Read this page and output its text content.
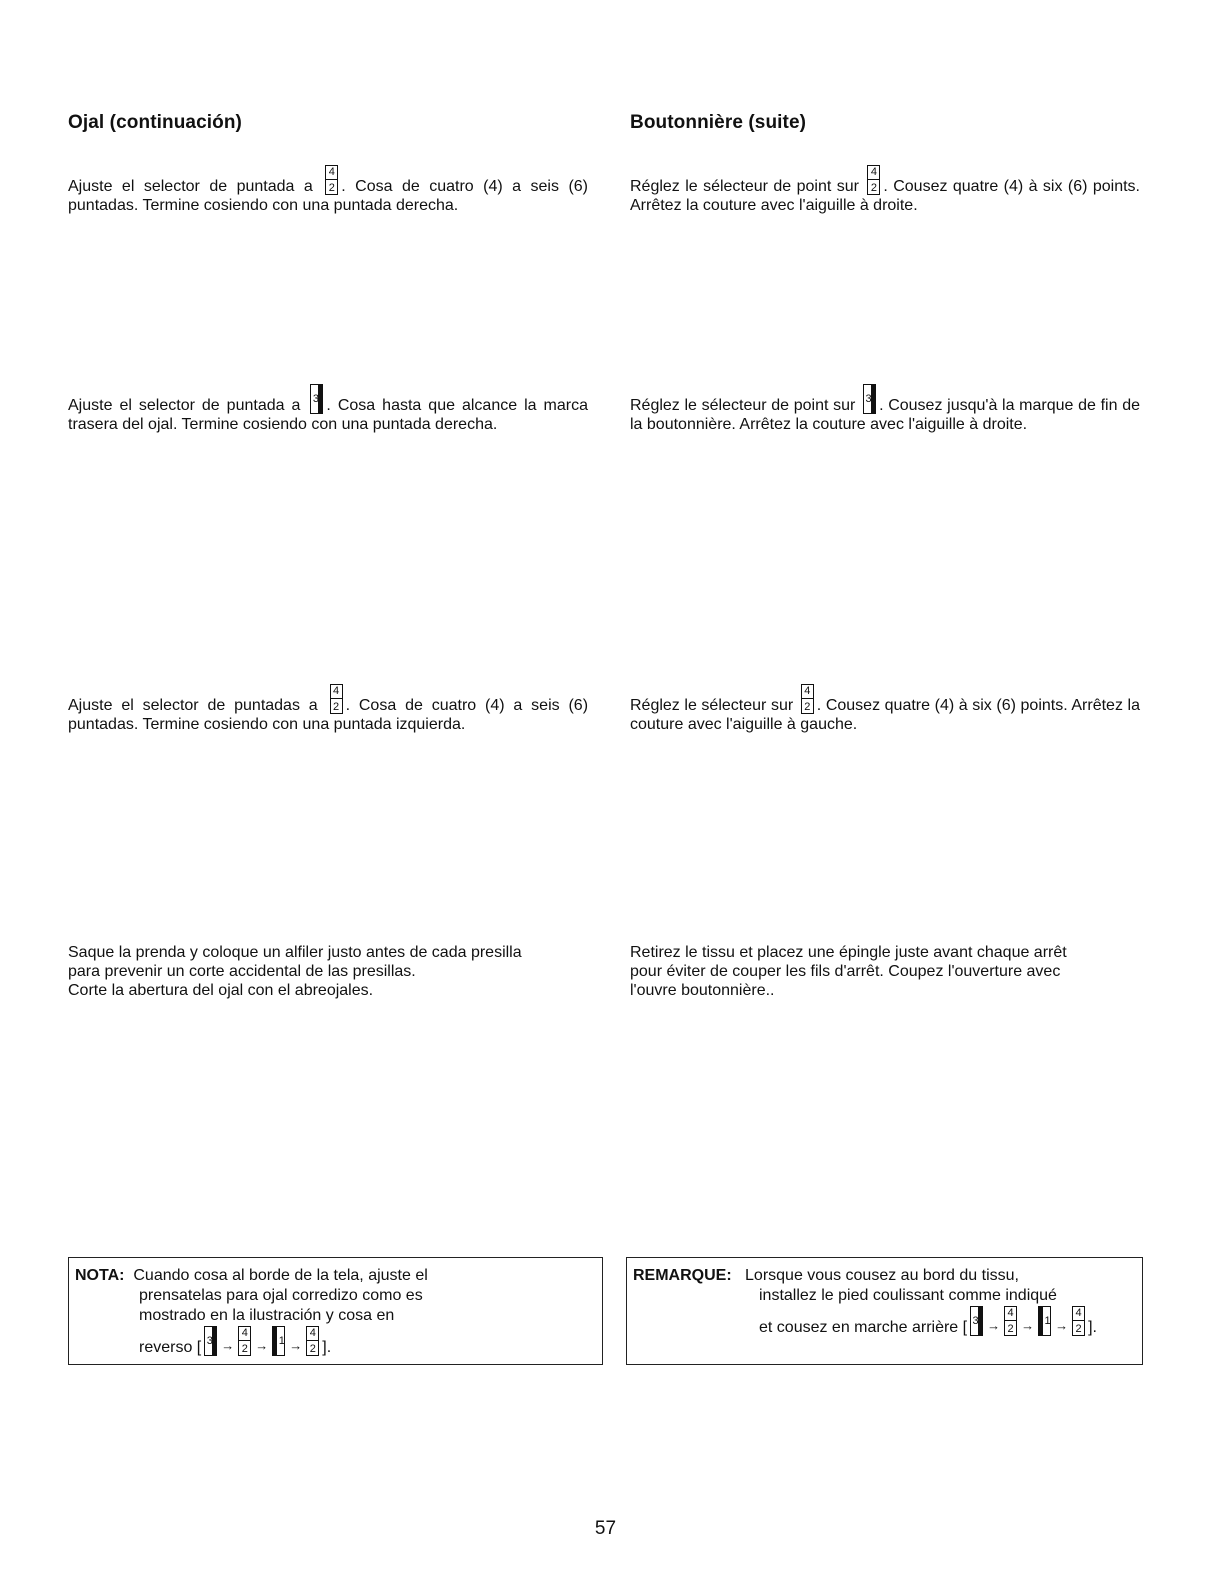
Ojal (continuación)

Ajuste el selector de puntada a
4
2 . Cosa de cuatro (4) a seis (6) puntadas. Termine cosiendo con una puntada derecha.

Ajuste el selector de puntada a	3 . Cosa hasta que alcance la marca trasera del ojal. Termine cosiendo con una puntada derecha.

Ajuste el selector de puntadas a
4
2 . Cosa de cuatro (4) a seis (6) puntadas. Termine cosiendo con una puntada izquierda.

Saque la prenda y coloque un alfiler justo antes de cada presilla
para prevenir un corte accidental de las presillas.
Corte la abertura del ojal con el abreojales.
NOTA: Cuando cosa al borde de la tela, ajuste el
prensatelas para ojal corredizo como es
mostrado en la ilustración y cosa en
reverso [ 3 →
4
2 → 1 →
4
2 ].
Boutonnière (suite)

Réglez le sélecteur de point sur
4
2 . Cousez quatre (4) à six (6) points. Arrêtez la couture avec l'aiguille à droite.

Réglez le sélecteur de point sur 3 . Cousez jusqu'à la marque de fin de la boutonnière. Arrêtez la couture avec l'aiguille à droite.

Réglez le sélecteur sur
4
2 . Cousez quatre (4) à six (6) points. Arrêtez la couture avec l'aiguille à gauche.

Retirez le tissu et placez une épingle juste avant chaque arrêt
pour éviter de couper les fils d'arrêt. Coupez l'ouverture avec
l'ouvre boutonnière..
REMARQUE: Lorsque vous cousez au bord du tissu,
installez le pied coulissant comme indiqué
et cousez en marche arrière [ 3 →
4
2 → 1 →
4
2 ].
57
